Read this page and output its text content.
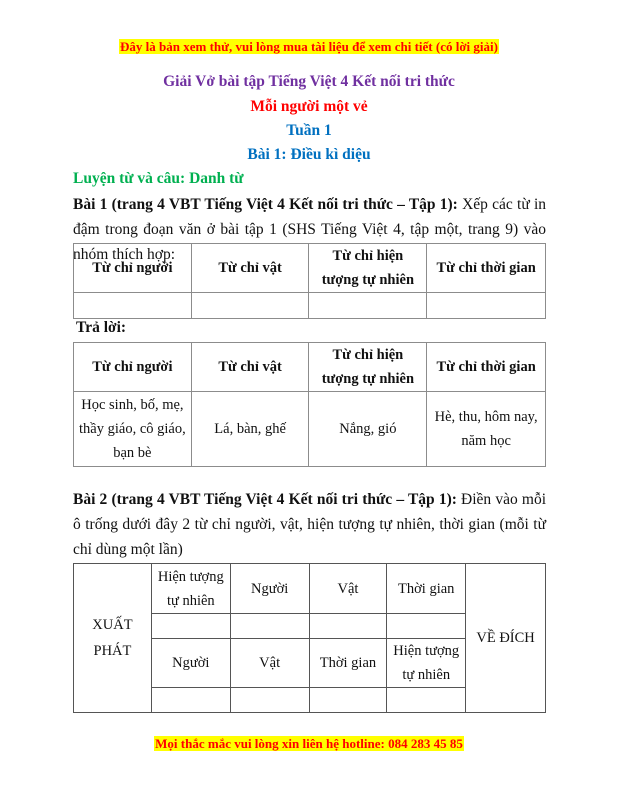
Đây là bản xem thử, vui lòng mua tài liệu để xem chi tiết (có lời giải)
Giải Vở bài tập Tiếng Việt 4 Kết nối tri thức
Mỗi người một vẻ
Tuần 1
Bài 1: Điều kì diệu
Luyện từ và câu: Danh từ
Bài 1 (trang 4 VBT Tiếng Việt 4 Kết nối tri thức – Tập 1): Xếp các từ in đậm trong đoạn văn ở bài tập 1 (SHS Tiếng Việt 4, tập một, trang 9) vào nhóm thích hợp:
Từ chỉ người	Từ chỉ vật	Từ chỉ hiện tượng tự nhiên	Từ chỉ thời gian

Trả lời:
Từ chỉ người	Từ chỉ vật	Từ chỉ hiện tượng tự nhiên	Từ chỉ thời gian
Học sinh, bố, mẹ, thầy giáo, cô giáo, bạn bè	Lá, bàn, ghế	Nắng, gió	Hè, thu, hôm nay, năm học
Bài 2 (trang 4 VBT Tiếng Việt 4 Kết nối tri thức – Tập 1): Điền vào mỗi ô trống dưới đây 2 từ chỉ người, vật, hiện tượng tự nhiên, thời gian (mỗi từ chỉ dùng một lần)
XUẤT PHÁT	Hiện tượng tự nhiên	Người	Vật	Thời gian	VỀ ĐÍCH

	Người	Vật	Thời gian	Hiện tượng tự nhiên	

Mọi thắc mắc vui lòng xin liên hệ hotline: 084 283 45 85
